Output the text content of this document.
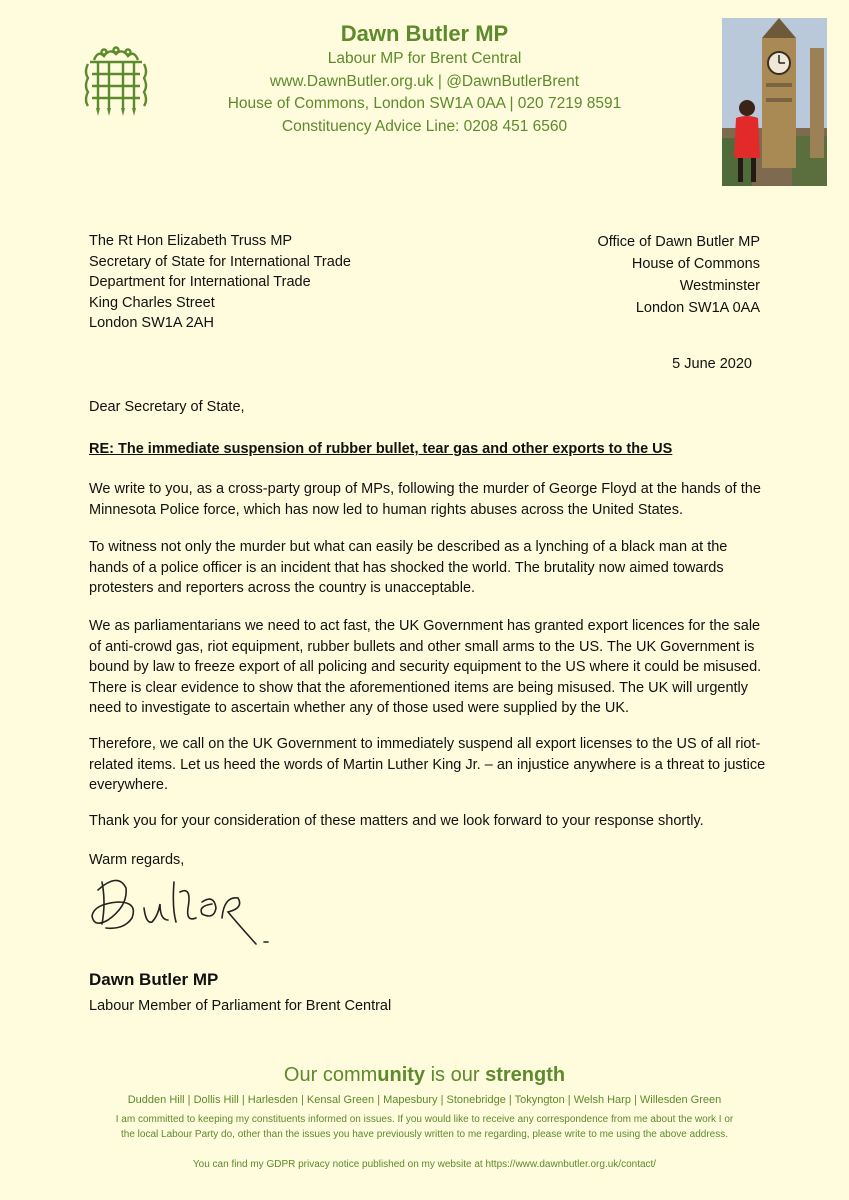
Dawn Butler MP
Labour MP for Brent Central
www.DawnButler.org.uk | @DawnButlerBrent
House of Commons, London SW1A 0AA | 020 7219 8591
Constituency Advice Line: 0208 451 6560
The Rt Hon Elizabeth Truss MP
Secretary of State for International Trade
Department for International Trade
King Charles Street
London SW1A 2AH
Office of Dawn Butler MP
House of Commons
Westminster
London SW1A 0AA
5 June 2020
Dear Secretary of State,
RE: The immediate suspension of rubber bullet, tear gas and other exports to the US

We write to you, as a cross-party group of MPs, following the murder of George Floyd at the hands of the Minnesota Police force, which has now led to human rights abuses across the United States.

To witness not only the murder but what can easily be described as a lynching of a black man at the hands of a police officer is an incident that has shocked the world. The brutality now aimed towards protesters and reporters across the country is unacceptable.

We as parliamentarians we need to act fast, the UK Government has granted export licences for the sale of anti-crowd gas, riot equipment, rubber bullets and other small arms to the US. The UK Government is bound by law to freeze export of all policing and security equipment to the US where it could be misused. There is clear evidence to show that the aforementioned items are being misused. The UK will urgently need to investigate to ascertain whether any of those used were supplied by the UK.

Therefore, we call on the UK Government to immediately suspend all export licenses to the US of all riot-related items. Let us heed the words of Martin Luther King Jr. – an injustice anywhere is a threat to justice everywhere.

Thank you for your consideration of these matters and we look forward to your response shortly.

Warm regards,
Dawn Butler MP
Labour Member of Parliament for Brent Central
Our community is our strength
Dudden Hill | Dollis Hill | Harlesden | Kensal Green | Mapesbury | Stonebridge | Tokyngton | Welsh Harp | Willesden Green
I am committed to keeping my constituents informed on issues. If you would like to receive any correspondence from me about the work I or
the local Labour Party do, other than the issues you have previously written to me regarding, please write to me using the above address.
You can find my GDPR privacy notice published on my website at https://www.dawnbutler.org.uk/contact/
